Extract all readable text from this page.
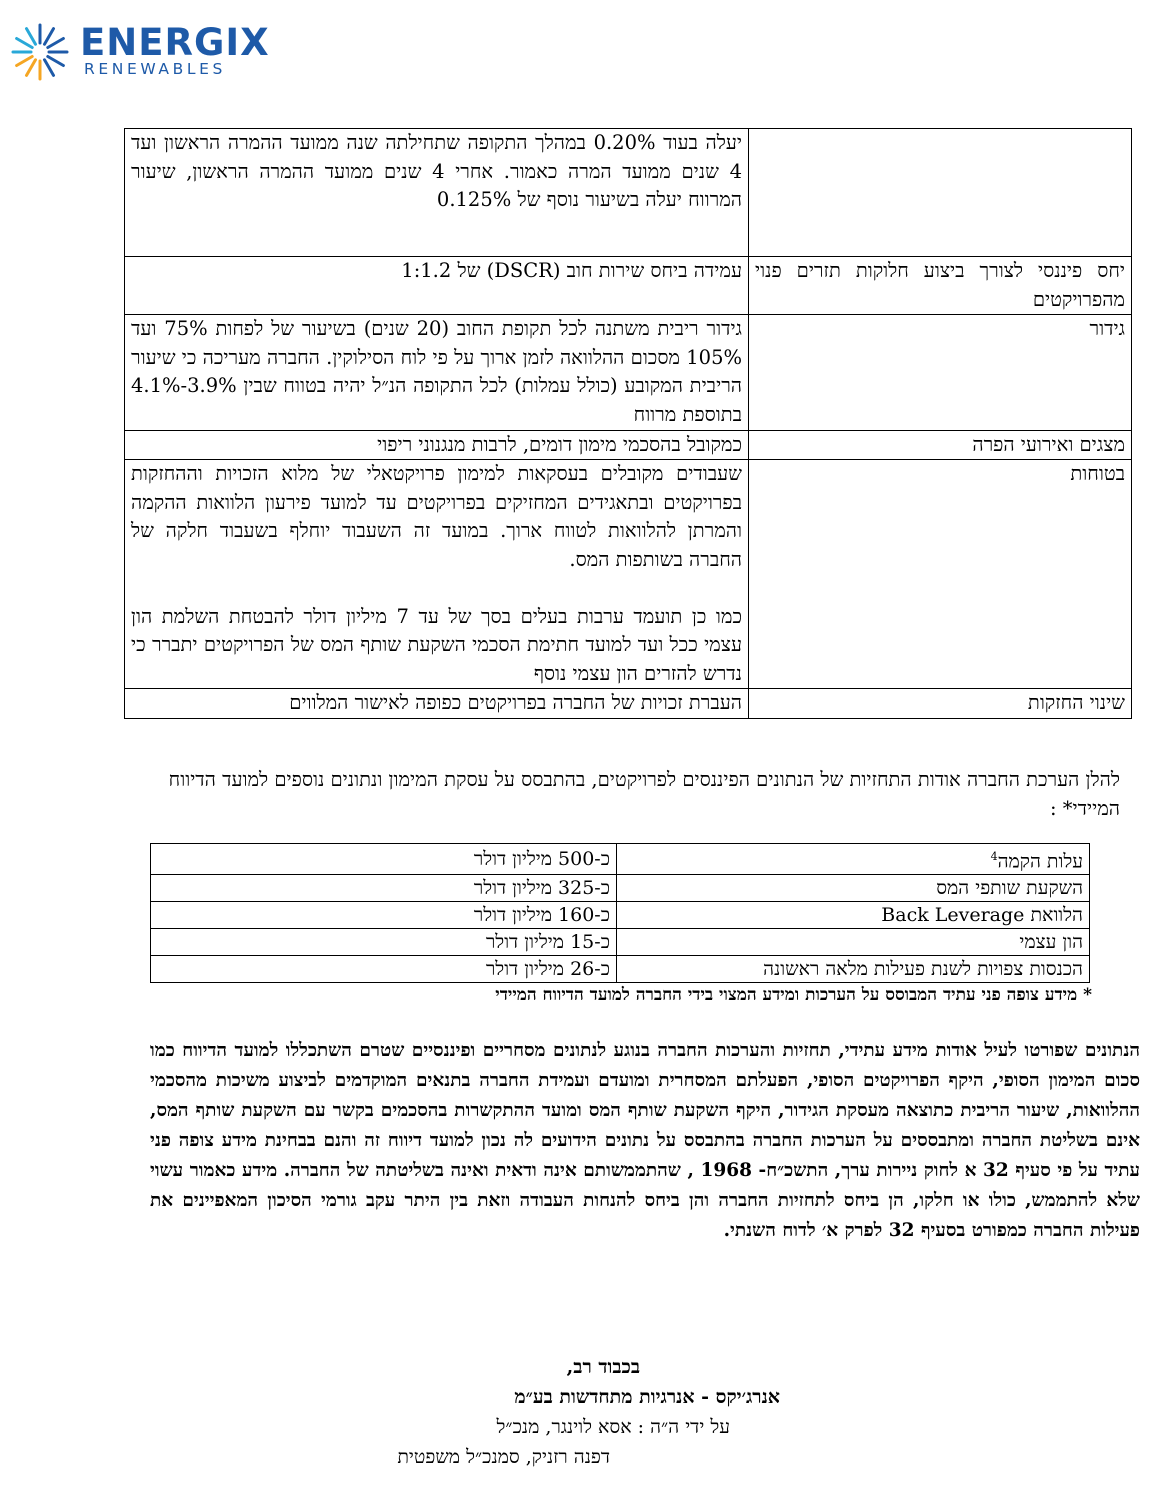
ENERGIX
RENEWABLES
	יעלה בעוד 0.20% במהלך התקופה שתחילתה שנה ממועד ההמרה הראשון ועד 4 שנים ממועד המרה כאמור. אחרי 4 שנים ממועד ההמרה הראשון, שיעור המרווח יעלה בשיעור נוסף של 0.125%
יחס פיננסי לצורך ביצוע חלוקות תזרים פנוי מהפרויקטים	עמידה ביחס שירות חוב (DSCR) של 1:1.2
גידור	גידור ריבית משתנה לכל תקופת החוב (20 שנים) בשיעור של לפחות 75% ועד 105% מסכום ההלוואה לזמן ארוך על פי לוח הסילוקין. החברה מעריכה כי שיעור הריבית המקובע (כולל עמלות) לכל התקופה הנ״ל יהיה בטווח שבין 3.9%-4.1% בתוספת מרווח
מצגים ואירועי הפרה	כמקובל בהסכמי מימון דומים, לרבות מנגנוני ריפוי
בטוחות	שעבודים מקובלים בעסקאות למימון פרויקטאלי של מלוא הזכויות וההחזקות בפרויקטים ובתאגידים המחזיקים בפרויקטים עד למועד פירעון הלוואות ההקמה והמרתן להלוואות לטווח ארוך. במועד זה השעבוד יוחלף בשעבוד חלקה של החברה בשותפות המס.
כמו כן תועמד ערבות בעלים בסך של עד 7 מיליון דולר להבטחת השלמת הון עצמי ככל ועד למועד חתימת הסכמי השקעת שותף המס של הפרויקטים יתברר כי נדרש להזרים הון עצמי נוסף

שינוי החזקות	העברת זכויות של החברה בפרויקטים כפופה לאישור המלווים
להלן הערכת החברה אודות התחזיות של הנתונים הפיננסים לפרויקטים, בהתבסס על עסקת המימון ונתונים נוספים למועד הדיווח המיידי* :
עלות הקמה$^4$	כ-500 מיליון דולר
השקעת שותפי המס	כ-325 מיליון דולר
הלוואת Back Leverage	כ-160 מיליון דולר
הון עצמי	כ-15 מיליון דולר
הכנסות צפויות לשנת פעילות מלאה ראשונה	כ-26 מיליון דולר
* מידע צופה פני עתיד המבוסס על הערכות ומידע המצוי בידי החברה למועד הדיווח המיידי
הנתונים שפורטו לעיל אודות מידע עתידי, תחזיות והערכות החברה בנוגע לנתונים מסחריים ופיננסיים שטרם השתכללו למועד הדיווח כמו סכום המימון הסופי, היקף הפרויקטים הסופי, הפעלתם המסחרית ומועדם ועמידת החברה בתנאים המוקדמים לביצוע משיכות מהסכמי ההלוואות, שיעור הריבית כתוצאה מעסקת הגידור, היקף השקעת שותף המס ומועד ההתקשרות בהסכמים בקשר עם השקעת שותף המס, אינם בשליטת החברה ומתבססים על הערכות החברה בהתבסס על נתונים הידועים לה נכון למועד דיווח זה והנם בבחינת מידע צופה פני עתיד על פי סעיף 32 א לחוק ניירות ערך, התשכ״ח- 1968 , שהתממשותם אינה ודאית ואינה בשליטתה של החברה. מידע כאמור עשוי שלא להתממש, כולו או חלקו, הן ביחס לתחזיות החברה והן ביחס להנחות העבודה וזאת בין היתר עקב גורמי הסיכון המאפיינים את פעילות החברה כמפורט בסעיף 32 לפרק א׳ לדוח השנתי.
בכבוד רב,
אנרג׳יקס - אנרגיות מתחדשות בע״מ
על ידי ה״ה : אסא לוינגר, מנכ״ל
דפנה רזניק, סמנכ״ל משפטית
